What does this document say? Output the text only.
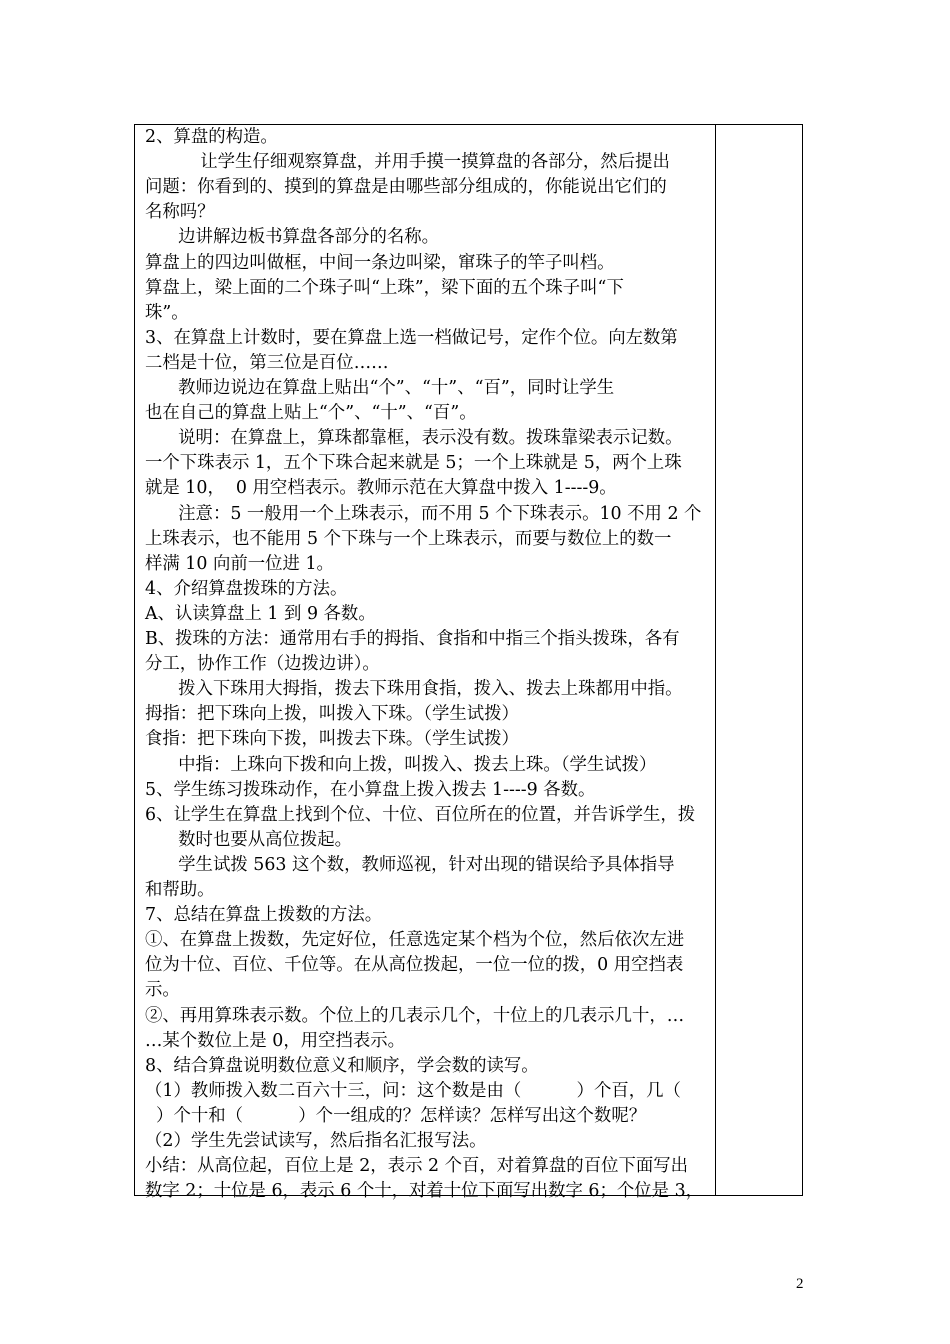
2、算盘的构造。
让学生仔细观察算盘，并用手摸一摸算盘的各部分，然后提出
问题：你看到的、摸到的算盘是由哪些部分组成的，你能说出它们的
名称吗？
边讲解边板书算盘各部分的名称。
算盘上的四边叫做框，中间一条边叫梁，窜珠子的竿子叫档。
算盘上，梁上面的二个珠子叫“上珠”，梁下面的五个珠子叫“下
珠”。
3、在算盘上计数时，要在算盘上选一档做记号，定作个位。向左数第
二档是十位，第三位是百位……
教师边说边在算盘上贴出“个”、“十”、“百”，同时让学生
也在自己的算盘上贴上“个”、“十”、“百”。
说明：在算盘上，算珠都靠框，表示没有数。拨珠靠梁表示记数。
一个下珠表示 1，五个下珠合起来就是 5；一个上珠就是 5，两个上珠
就是 10，  0 用空档表示。教师示范在大算盘中拨入 1----9。
注意：5 一般用一个上珠表示，而不用 5 个下珠表示。10 不用 2 个
上珠表示，也不能用 5 个下珠与一个上珠表示，而要与数位上的数一
样满 10 向前一位进 1。
4、介绍算盘拨珠的方法。
A、认读算盘上 1 到 9 各数。
B、拨珠的方法：通常用右手的拇指、食指和中指三个指头拨珠，各有
分工，协作工作（边拨边讲）。
拨入下珠用大拇指，拨去下珠用食指，拨入、拨去上珠都用中指。
拇指：把下珠向上拨，叫拨入下珠。（学生试拨）
食指：把下珠向下拨，叫拨去下珠。（学生试拨）
中指：上珠向下拨和向上拨，叫拨入、拨去上珠。（学生试拨）
5、学生练习拨珠动作，在小算盘上拨入拨去 1----9 各数。
6、让学生在算盘上找到个位、十位、百位所在的位置，并告诉学生，拨
数时也要从高位拨起。
学生试拨 563 这个数，教师巡视，针对出现的错误给予具体指导
和帮助。
7、总结在算盘上拨数的方法。
①、在算盘上拨数，先定好位，任意选定某个档为个位，然后依次左进
位为十位、百位、千位等。在从高位拨起，一位一位的拨，0 用空挡表
示。
②、再用算珠表示数。个位上的几表示几个，十位上的几表示几十，…
…某个数位上是 0，用空挡表示。
8、结合算盘说明数位意义和顺序，学会数的读写。
（1）教师拨入数二百六十三，问：这个数是由（          ）个百，几（
）个十和（          ）个一组成的？怎样读？怎样写出这个数呢？
（2）学生先尝试读写，然后指名汇报写法。
小结：从高位起，百位上是 2，表示 2 个百，对着算盘的百位下面写出
数字 2；十位是 6，表示 6 个十，对着十位下面写出数字 6；个位是 3，
2
